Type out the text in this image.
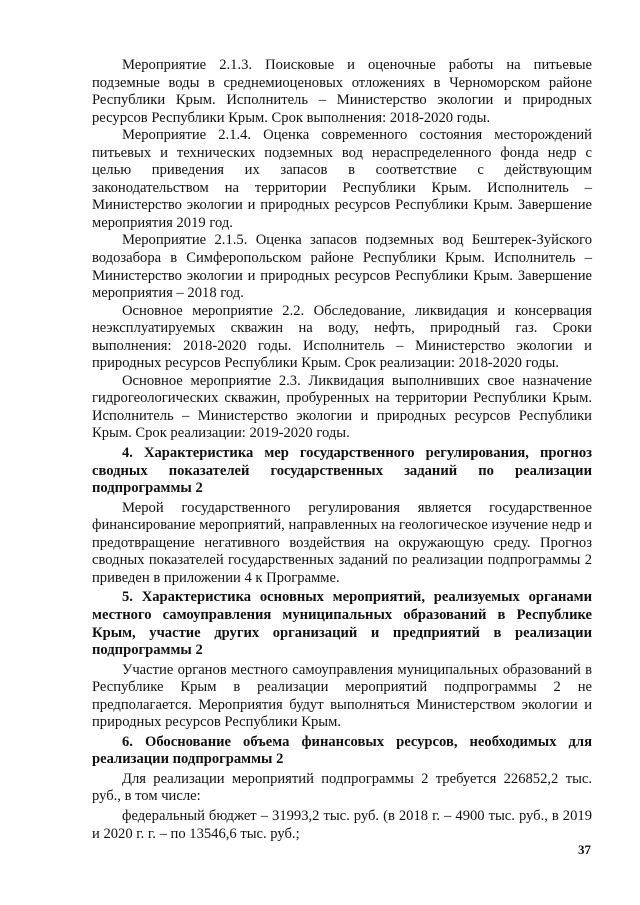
Мероприятие 2.1.3. Поисковые и оценочные работы на питьевые подземные воды в среднемиоценовых отложениях в Черноморском районе Республики Крым. Исполнитель – Министерство экологии и природных ресурсов Республики Крым. Срок выполнения: 2018-2020 годы.

Мероприятие 2.1.4. Оценка современного состояния месторождений питьевых и технических подземных вод нераспределенного фонда недр с целью приведения их запасов в соответствие с действующим законодательством на территории Республики Крым. Исполнитель – Министерство экологии и природных ресурсов Республики Крым. Завершение мероприятия 2019 год.

Мероприятие 2.1.5. Оценка запасов подземных вод Бештерек-Зуйского водозабора в Симферопольском районе Республики Крым. Исполнитель – Министерство экологии и природных ресурсов Республики Крым. Завершение мероприятия – 2018 год.

Основное мероприятие 2.2. Обследование, ликвидация и консервация неэксплуатируемых скважин на воду, нефть, природный газ. Сроки выполнения: 2018-2020 годы. Исполнитель – Министерство экологии и природных ресурсов Республики Крым. Срок реализации: 2018-2020 годы.

Основное мероприятие 2.3. Ликвидация выполнивших свое назначение гидрогеологических скважин, пробуренных на территории Республики Крым. Исполнитель – Министерство экологии и природных ресурсов Республики Крым. Срок реализации: 2019-2020 годы.

4. Характеристика мер государственного регулирования, прогноз сводных показателей государственных заданий по реализации подпрограммы 2

Мерой государственного регулирования является государственное финансирование мероприятий, направленных на геологическое изучение недр и предотвращение негативного воздействия на окружающую среду. Прогноз сводных показателей государственных заданий по реализации подпрограммы 2 приведен в приложении 4 к Программе.

5. Характеристика основных мероприятий, реализуемых органами местного самоуправления муниципальных образований в Республике Крым, участие других организаций и предприятий в реализации подпрограммы 2

Участие органов местного самоуправления муниципальных образований в Республике Крым в реализации мероприятий подпрограммы 2 не предполагается. Мероприятия будут выполняться Министерством экологии и природных ресурсов Республики Крым.

6. Обоснование объема финансовых ресурсов, необходимых для реализации подпрограммы 2

Для реализации мероприятий подпрограммы 2 требуется 226852,2 тыс. руб., в том числе:

федеральный бюджет – 31993,2 тыс. руб. (в 2018 г. – 4900 тыс. руб., в 2019 и 2020 г. г. – по 13546,6 тыс. руб.;

37
